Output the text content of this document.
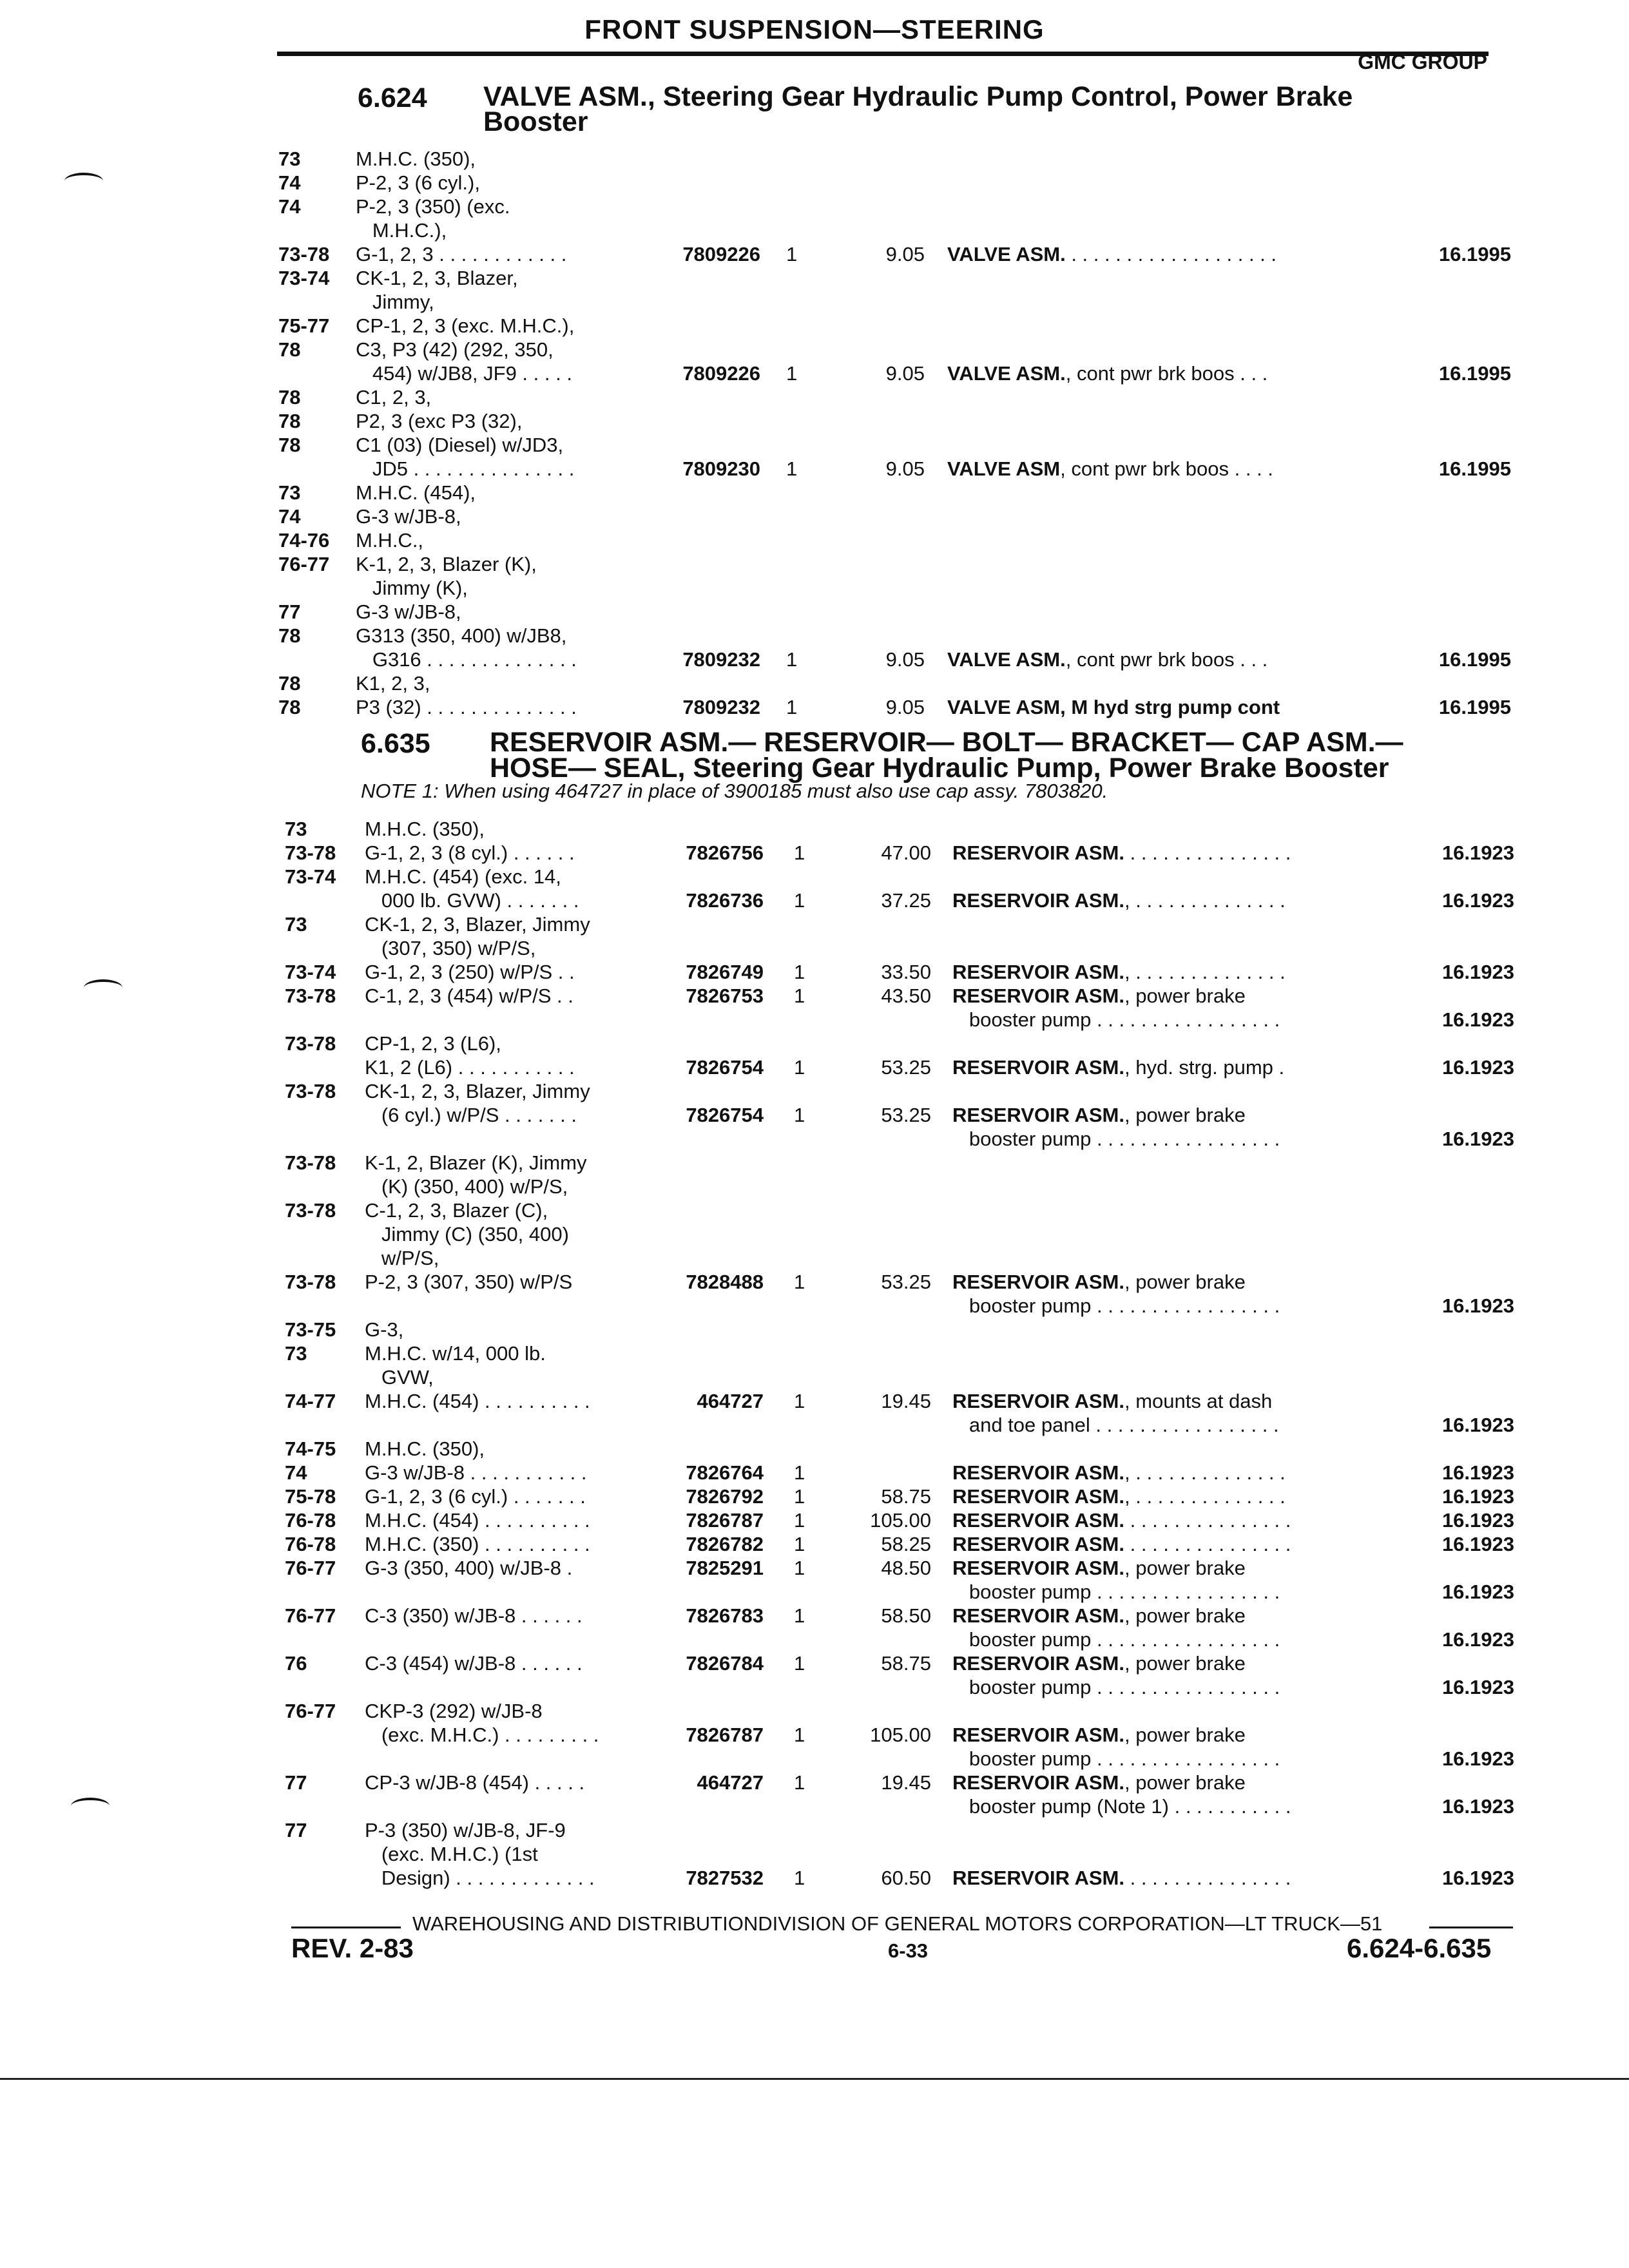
FRONT SUSPENSION—STEERING
GMC GROUP
6.624 VALVE ASM., Steering Gear Hydraulic Pump Control, Power Brake
Booster
6.635 RESERVOIR ASM.— RESERVOIR— BOLT— BRACKET— CAP ASM.—
HOSE— SEAL, Steering Gear Hydraulic Pump, Power Brake Booster
NOTE 1: When using 464727 in place of 3900185 must also use cap assy. 7803820.
73	M.H.C. (350),
74	P-2, 3 (6 cyl.),
74	P-2, 3 (350) (exc.
M.H.C.),
73-78	G-1, 2, 3 . . . . . . . . . . . .	7809226 1	9.05 VALVE ASM. . . . . . . . . . . . . . . . . . . .	16.1995
73-74	CK-1, 2, 3, Blazer,
Jimmy,
75-77	CP-1, 2, 3 (exc. M.H.C.),
78	C3, P3 (42) (292, 350,
454) w/JB8, JF9 . . . . .	7809226 1	9.05 VALVE ASM., cont pwr brk boos . . .	16.1995
78	C1, 2, 3,
78	P2, 3 (exc P3 (32),
78	C1 (03) (Diesel) w/JD3,
JD5 . . . . . . . . . . . . . . .	7809230 1	9.05 VALVE ASM, cont pwr brk boos . . . .	16.1995
73	M.H.C. (454),
74	G-3 w/JB-8,
74-76	M.H.C.,
76-77	K-1, 2, 3, Blazer (K),
Jimmy (K),
77	G-3 w/JB-8,
78	G313 (350, 400) w/JB8,
G316 . . . . . . . . . . . . . .	7809232 1	9.05 VALVE ASM., cont pwr brk boos . . .	16.1995
78	K1, 2, 3,
78	P3 (32) . . . . . . . . . . . . . .	7809232 1	9.05 VALVE ASM, M hyd strg pump cont	16.1995
73	M.H.C. (350),
73-78	G-1, 2, 3 (8 cyl.) . . . . . .	7826756 1	47.00 RESERVOIR ASM. . . . . . . . . . . . . . . .	16.1923
73-74	M.H.C. (454) (exc. 14,
000 lb. GVW) . . . . . . .	7826736 1	37.25 RESERVOIR ASM., . . . . . . . . . . . . . .	16.1923
73	CK-1, 2, 3, Blazer, Jimmy
(307, 350) w/P/S,
73-74	G-1, 2, 3 (250) w/P/S . .	7826749 1	33.50 RESERVOIR ASM., . . . . . . . . . . . . . .	16.1923
73-78	C-1, 2, 3 (454) w/P/S . .	7826753 1	43.50 RESERVOIR ASM., power brake
booster pump . . . . . . . . . . . . . . . . .	16.1923
73-78	CP-1, 2, 3 (L6),
K1, 2 (L6) . . . . . . . . . . .	7826754 1	53.25 RESERVOIR ASM., hyd. strg. pump .	16.1923
73-78	CK-1, 2, 3, Blazer, Jimmy
(6 cyl.) w/P/S . . . . . . .	7826754 1	53.25 RESERVOIR ASM., power brake
booster pump . . . . . . . . . . . . . . . . .	16.1923
73-78	K-1, 2, Blazer (K), Jimmy
(K) (350, 400) w/P/S,
73-78	C-1, 2, 3, Blazer (C),
Jimmy (C) (350, 400)
w/P/S,
73-78	P-2, 3 (307, 350) w/P/S	7828488 1	53.25 RESERVOIR ASM., power brake
booster pump . . . . . . . . . . . . . . . . .	16.1923
73-75	G-3,
73	M.H.C. w/14, 000 lb.
GVW,
74-77	M.H.C. (454) . . . . . . . . . .	464727 1	19.45 RESERVOIR ASM., mounts at dash
and toe panel . . . . . . . . . . . . . . . . .	16.1923
74-75	M.H.C. (350),
74	G-3 w/JB-8 . . . . . . . . . . .	7826764 1	RESERVOIR ASM., . . . . . . . . . . . . . .	16.1923
75-78	G-1, 2, 3 (6 cyl.) . . . . . . .	7826792 1	58.75 RESERVOIR ASM., . . . . . . . . . . . . . .	16.1923
76-78	M.H.C. (454) . . . . . . . . . .	7826787 1	105.00 RESERVOIR ASM. . . . . . . . . . . . . . . .	16.1923
76-78	M.H.C. (350) . . . . . . . . . .	7826782 1	58.25 RESERVOIR ASM. . . . . . . . . . . . . . . .	16.1923
76-77	G-3 (350, 400) w/JB-8 .	7825291 1	48.50 RESERVOIR ASM., power brake
booster pump . . . . . . . . . . . . . . . . .	16.1923
76-77	C-3 (350) w/JB-8 . . . . . .	7826783 1	58.50 RESERVOIR ASM., power brake
booster pump . . . . . . . . . . . . . . . . .	16.1923
76	C-3 (454) w/JB-8 . . . . . .	7826784 1	58.75 RESERVOIR ASM., power brake
booster pump . . . . . . . . . . . . . . . . .	16.1923
76-77	CKP-3 (292) w/JB-8
(exc. M.H.C.) . . . . . . . . .	7826787 1	105.00 RESERVOIR ASM., power brake
booster pump . . . . . . . . . . . . . . . . .	16.1923
77	CP-3 w/JB-8 (454) . . . . .	464727 1	19.45 RESERVOIR ASM., power brake
booster pump (Note 1) . . . . . . . . . . .	16.1923
77	P-3 (350) w/JB-8, JF-9
(exc. M.H.C.) (1st
Design) . . . . . . . . . . . . .	7827532 1	60.50 RESERVOIR ASM. . . . . . . . . . . . . . . .	16.1923
WAREHOUSING AND DISTRIBUTIONDIVISION OF GENERAL MOTORS CORPORATION—LT TRUCK—51
REV. 2-83	6-33	6.624-6.635
